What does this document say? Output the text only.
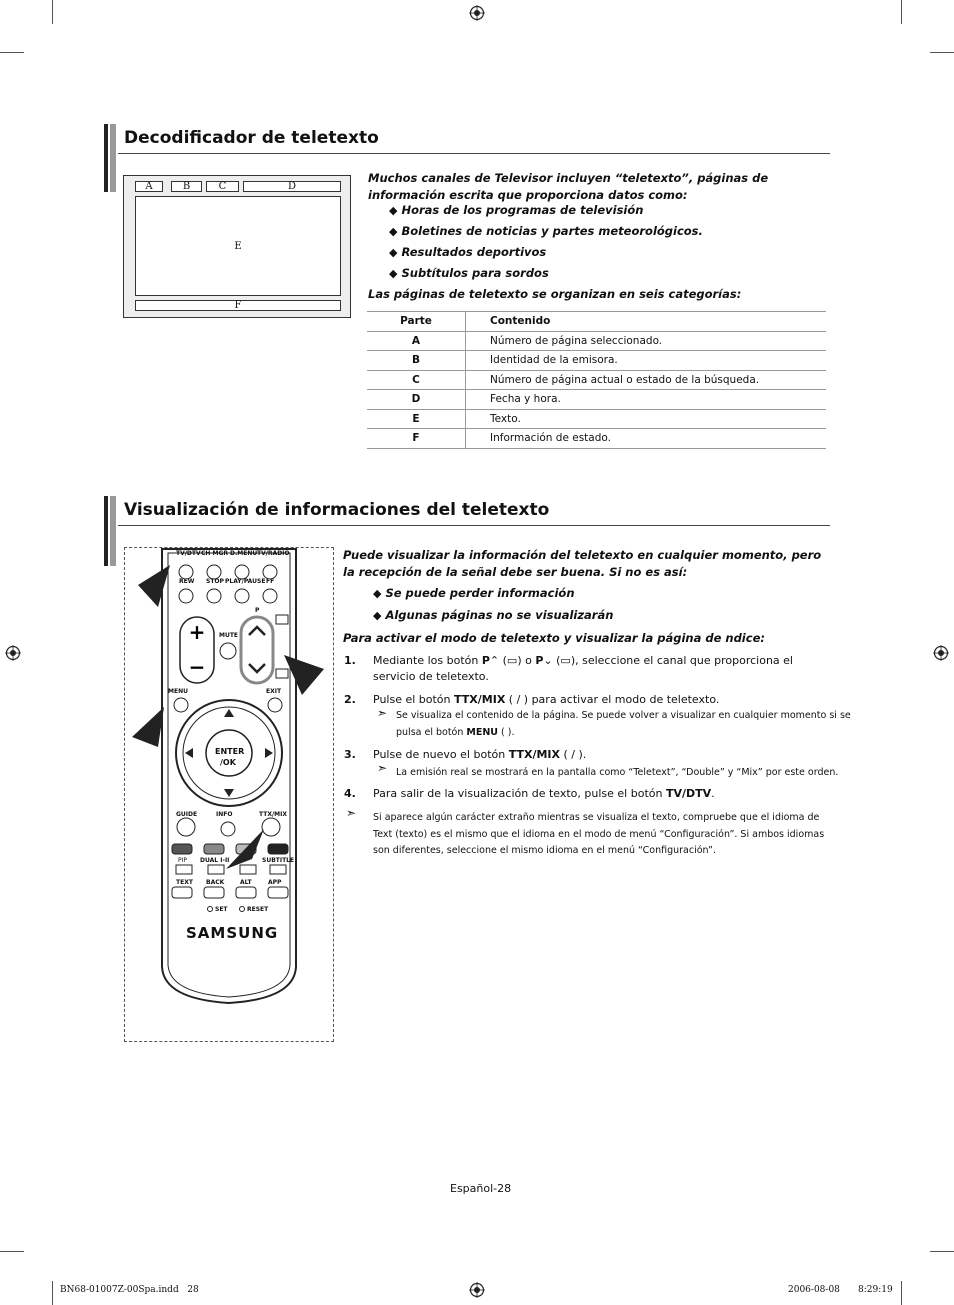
Decodificador de teletexto
A	B	C	D
E
F
Muchos canales de Televisor incluyen “teletexto”, páginas de información escrita que proporciona datos como:
◆ Horas de los programas de televisión
◆ Boletines de noticias y partes meteorológicos.
◆ Resultados deportivos
◆ Subtítulos para sordos
Las páginas de teletexto se organizan en seis categorías:
Parte	Contenido
A	Número de página seleccionado.
B	Identidad de la emisora.
C	Número de página actual o estado de la búsqueda.
D	Fecha y hora.
E	Texto.
F	Información de estado.
Visualización de informaciones del teletexto
+
−
TV/DTV CH MGR D.MENU TV/RADIO
REW STOP PLAY/PAUSE FF
P
MUTE
MENU	EXIT
ENTER
/OK
GUIDE	INFO	TTX/MIX
PIP DUAL I-II	SUBTITLE
TEXT BACK	ALT	APP
SET	RESET
SAMSUNG
Puede visualizar la información del teletexto en cualquier momento, pero la recepción de la señal debe ser buena. Si no es así:
◆ Se puede perder información
◆ Algunas páginas no se visualizarán
Para activar el modo de teletexto y visualizar la página de ndice:
1. Mediante los botón P⌃ (▭) o P⌄ (▭), seleccione el canal que proporciona el servicio de teletexto.
2. Pulse el botón TTX/MIX ( / ) para activar el modo de teletexto.
➣ Se visualiza el contenido de la página. Se puede volver a visualizar en cualquier momento si se
pulsa el botón MENU ( ).
3. Pulse de nuevo el botón TTX/MIX ( / ).
➣ La emisión real se mostrará en la pantalla como “Teletext”, “Double” y “Mix” por este orden.
4. Para salir de la visualización de texto, pulse el botón TV/DTV.
➣ Si aparece algún carácter extraño mientras se visualiza el texto, compruebe que el idioma de Text (texto) es el mismo que el idioma en el modo de menú “Configuración”. Si ambos idiomas son diferentes, seleccione el mismo idioma en el menú “Configuración”.
Español-28
BN68-01007Z-00Spa.indd   28	2006-08-08 8:29:19
